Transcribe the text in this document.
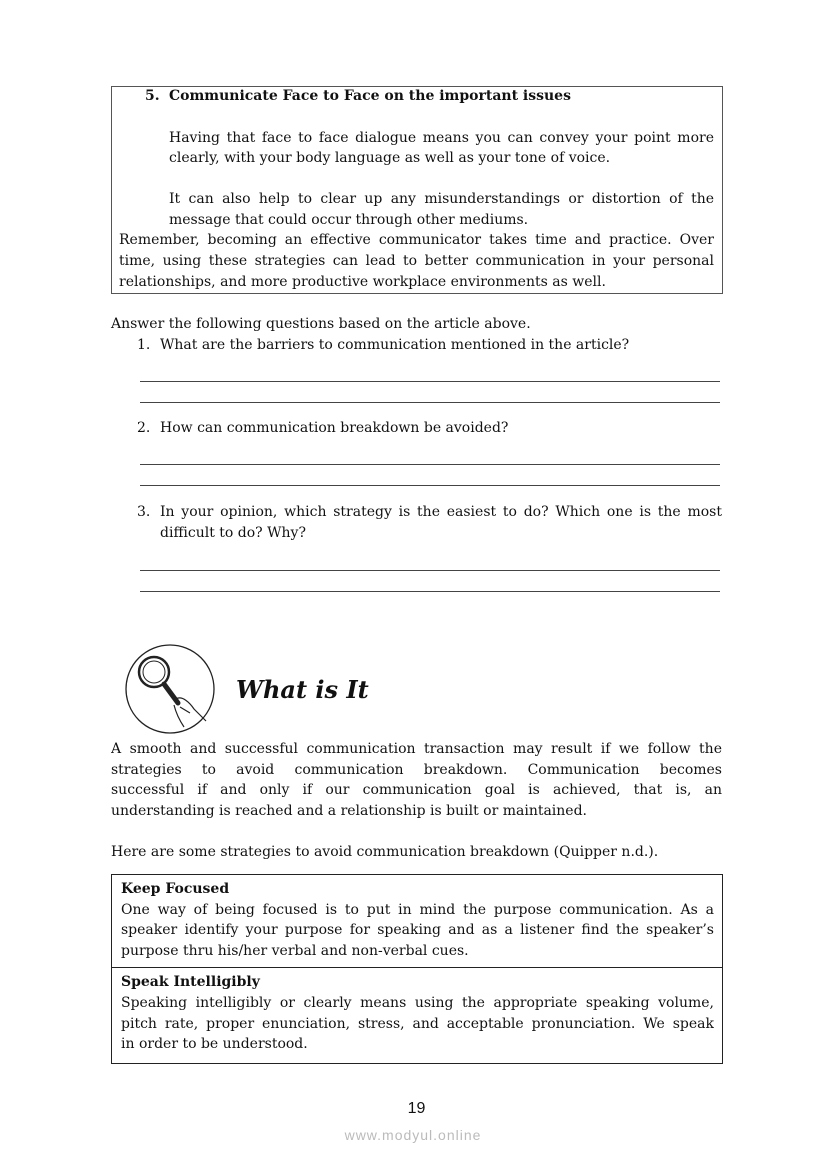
5. Communicate Face to Face on the important issues
Having that face to face dialogue means you can convey your point more
clearly, with your body language as well as your tone of voice.
It can also help to clear up any misunderstandings or distortion of the
message that could occur through other mediums.
Remember, becoming an effective communicator takes time and practice. Over
time, using these strategies can lead to better communication in your personal
relationships, and more productive workplace environments as well.
Answer the following questions based on the article above.
1. What are the barriers to communication mentioned in the article?
2. How can communication breakdown be avoided?
3. In your opinion, which strategy is the easiest to do? Which one is the most
difficult to do? Why?
What is It
A smooth and successful communication transaction may result if we follow the
strategies to avoid communication breakdown. Communication becomes
successful if and only if our communication goal is achieved, that is, an
understanding is reached and a relationship is built or maintained.
Here are some strategies to avoid communication breakdown (Quipper n.d.).
Keep Focused
One way of being focused is to put in mind the purpose communication. As a
speaker identify your purpose for speaking and as a listener find the speaker’s
purpose thru his/her verbal and non-verbal cues.
Speak Intelligibly
Speaking intelligibly or clearly means using the appropriate speaking volume,
pitch rate, proper enunciation, stress, and acceptable pronunciation. We speak
in order to be understood.
19
www.modyul.online
